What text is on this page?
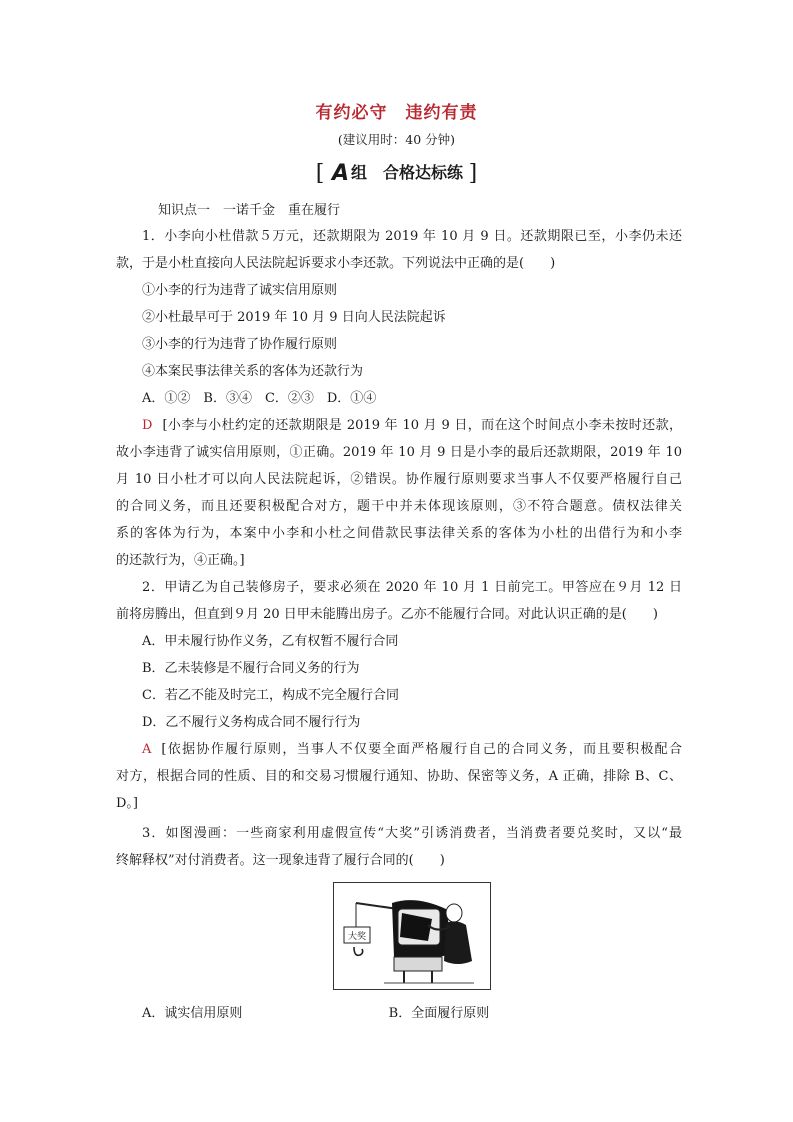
有约必守　违约有责
(建议用时：40 分钟)
[ A 组　合格达标练 ]
知识点一　一诺千金　重在履行
1．小李向小杜借款５万元，还款期限为 2019 年 10 月 9 日。还款期限已至，小李仍未还
款，于是小杜直接向人民法院起诉要求小李还款。下列说法中正确的是(　　)
①小李的行为违背了诚实信用原则
②小杜最早可于 2019 年 10 月 9 日向人民法院起诉
③小李的行为违背了协作履行原则
④本案民事法律关系的客体为还款行为
A．①②　B．③④　C．②③　D．①④
D [小李与小杜约定的还款期限是 2019 年 10 月 9 日，而在这个时间点小李未按时还款，
故小李违背了诚实信用原则，①正确。2019 年 10 月 9 日是小李的最后还款期限，2019 年 10
月 10 日小杜才可以向人民法院起诉，②错误。协作履行原则要求当事人不仅要严格履行自己
的合同义务，而且还要积极配合对方，题干中并未体现该原则，③不符合题意。债权法律关
系的客体为行为，本案中小李和小杜之间借款民事法律关系的客体为小杜的出借行为和小李
的还款行为，④正确。]
2．甲请乙为自己装修房子，要求必须在 2020 年 10 月 1 日前完工。甲答应在９月 12 日
前将房腾出，但直到９月 20 日甲未能腾出房子。乙亦不能履行合同。对此认识正确的是(　　)
A．甲未履行协作义务，乙有权暂不履行合同
B．乙未装修是不履行合同义务的行为
C．若乙不能及时完工，构成不完全履行合同
D．乙不履行义务构成合同不履行行为
A [依据协作履行原则，当事人不仅要全面严格履行自己的合同义务，而且要积极配合
对方，根据合同的性质、目的和交易习惯履行通知、协助、保密等义务，A 正确，排除 B、C、
D。]
3．如图漫画：一些商家利用虚假宣传“大奖”引诱消费者，当消费者要兑奖时，又以“最
终解释权”对付消费者。这一现象违背了履行合同的(　　)
大奖
A．诚实信用原则	B．全面履行原则
